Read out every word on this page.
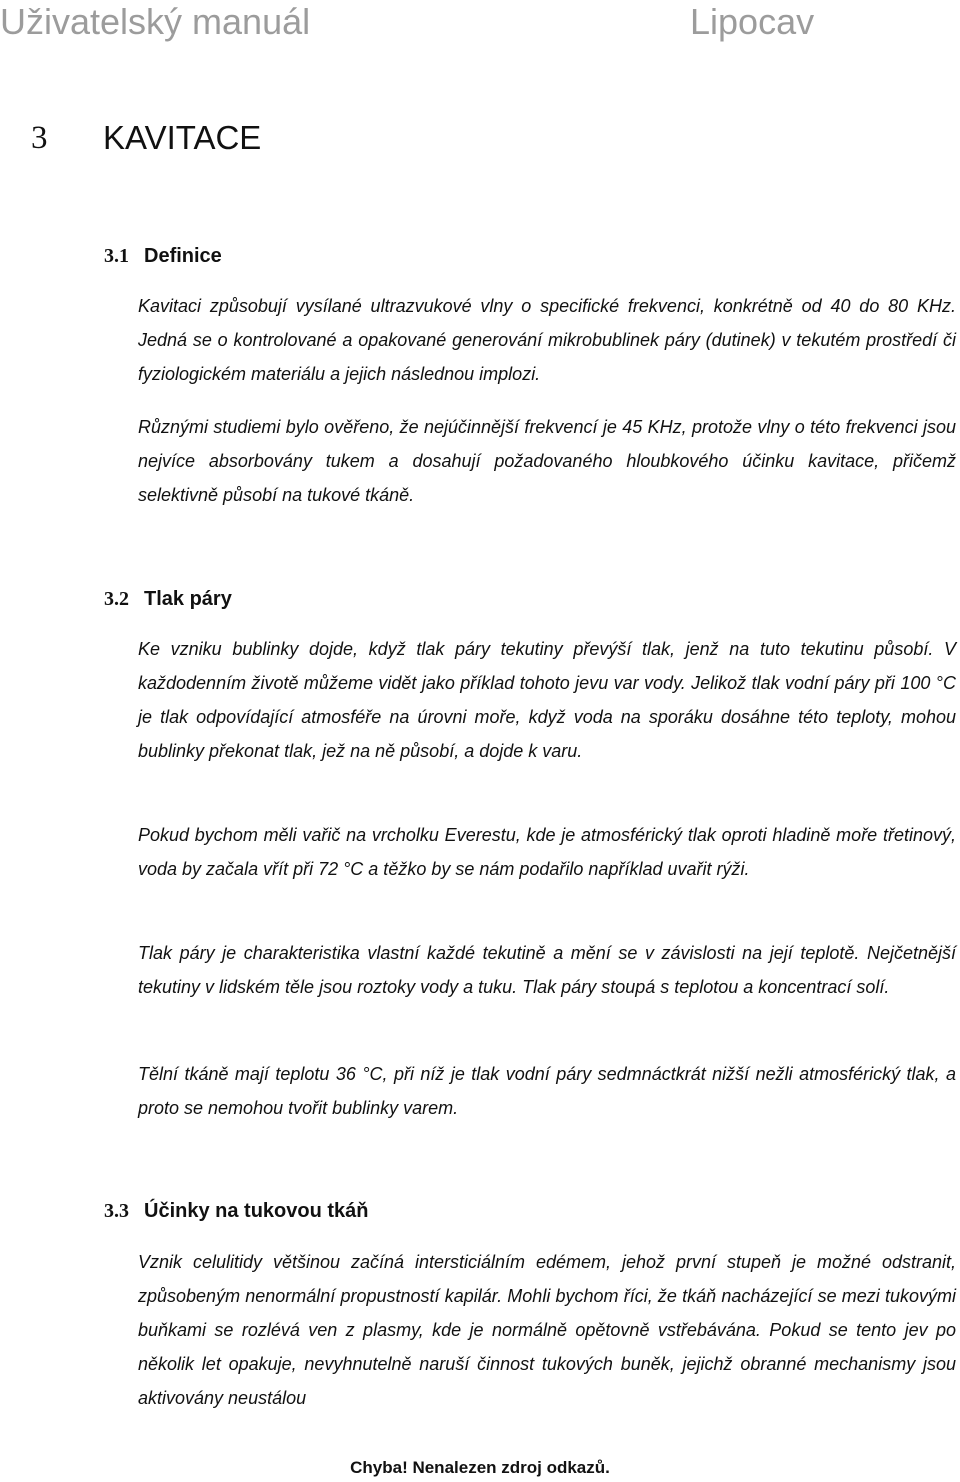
Uživatelský manuál	Lipocav
3 KAVITACE
3.1 Definice

Kavitaci způsobují vysílané ultrazvukové vlny o specifické frekvenci, konkrétně od 40 do 80 KHz. Jedná se o kontrolované a opakované generování mikrobublinek páry (dutinek) v tekutém prostředí či fyziologickém materiálu a jejich následnou implozi.

Různými studiemi bylo ověřeno, že nejúčinnější frekvencí je 45 KHz, protože vlny o této frekvenci jsou nejvíce absorbovány tukem a dosahují požadovaného hloubkového účinku kavitace, přičemž selektivně působí na tukové tkáně.

3.2 Tlak páry

Ke vzniku bublinky dojde, když tlak páry tekutiny převýší tlak, jenž na tuto tekutinu působí. V každodenním životě můžeme vidět jako příklad tohoto jevu var vody. Jelikož tlak vodní páry při 100 °C je tlak odpovídající atmosféře na úrovni moře, když voda na sporáku dosáhne této teploty, mohou bublinky překonat tlak, jež na ně působí, a dojde k varu.

Pokud bychom měli vařič na vrcholku Everestu, kde je atmosférický tlak oproti hladině moře třetinový, voda by začala vřít při 72 °C a těžko by se nám podařilo například uvařit rýži.

Tlak páry je charakteristika vlastní každé tekutině a mění se v závislosti na její teplotě. Nejčetnější tekutiny v lidském těle jsou roztoky vody a tuku. Tlak páry stoupá s teplotou a koncentrací solí.

Tělní tkáně mají teplotu 36 °C, při níž je tlak vodní páry sedmnáctkrát nižší nežli atmosférický tlak, a proto se nemohou tvořit bublinky varem.

3.3 Účinky na tukovou tkáň

Vznik celulitidy většinou začíná intersticiálním edémem, jehož první stupeň je možné odstranit, způsobeným nenormální propustností kapilár. Mohli bychom říci, že tkáň nacházející se mezi tukovými buňkami se rozlévá ven z plasmy, kde je normálně opětovně vstřebávána. Pokud se tento jev po několik let opakuje, nevyhnutelně naruší činnost tukových buněk, jejichž obranné mechanismy jsou aktivovány neustálou

Chyba! Nenalezen zdroj odkazů.
